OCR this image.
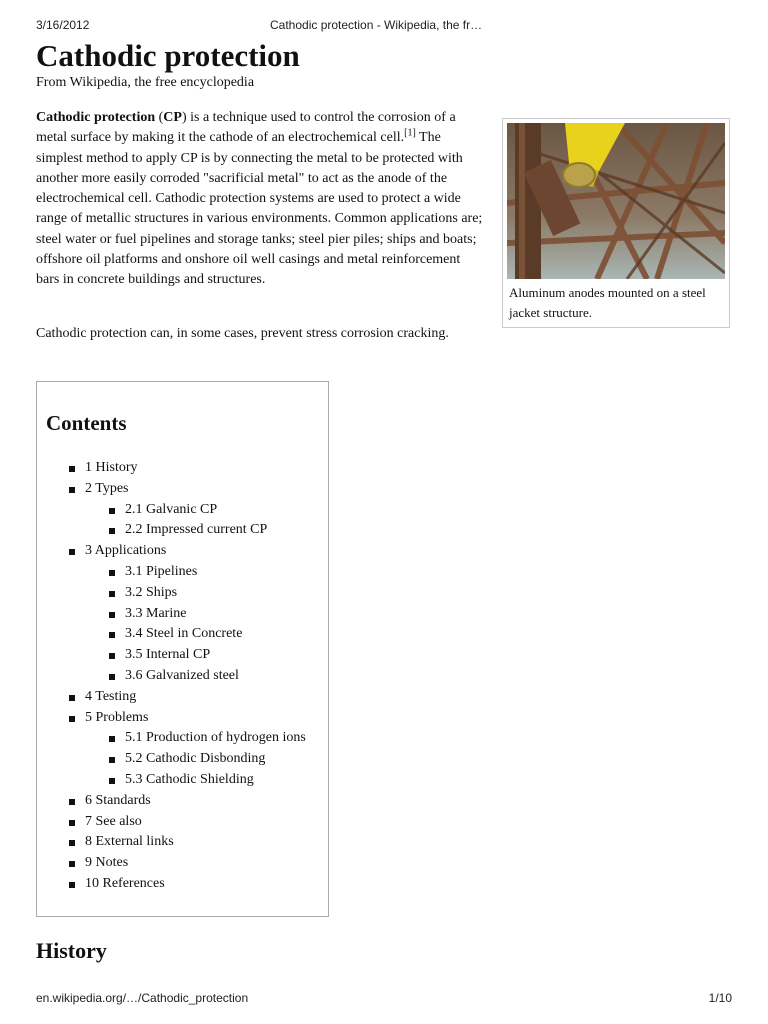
3/16/2012	Cathodic protection - Wikipedia, the fr…
Cathodic protection
From Wikipedia, the free encyclopedia

Cathodic protection (CP) is a technique used to control the corrosion of a metal surface by making it the cathode of an electrochemical cell.[1] The simplest method to apply CP is by connecting the metal to be protected with another more easily corroded "sacrificial metal" to act as the anode of the electrochemical cell. Cathodic protection systems are used to protect a wide range of metallic structures in various environments. Common applications are; steel water or fuel pipelines and storage tanks; steel pier piles; ships and boats; offshore oil platforms and onshore oil well casings and metal reinforcement bars in concrete buildings and structures.

Cathodic protection can, in some cases, prevent stress corrosion cracking.

Aluminum anodes mounted on a steel jacket structure.
Contents
1 History
2 Types
2.1 Galvanic CP
2.2 Impressed current CP
3 Applications
3.1 Pipelines
3.2 Ships
3.3 Marine
3.4 Steel in Concrete
3.5 Internal CP
3.6 Galvanized steel
4 Testing
5 Problems
5.1 Production of hydrogen ions
5.2 Cathodic Disbonding
5.3 Cathodic Shielding
6 Standards
7 See also
8 External links
9 Notes
10 References
History
en.wikipedia.org/…/Cathodic_protection	1/10
